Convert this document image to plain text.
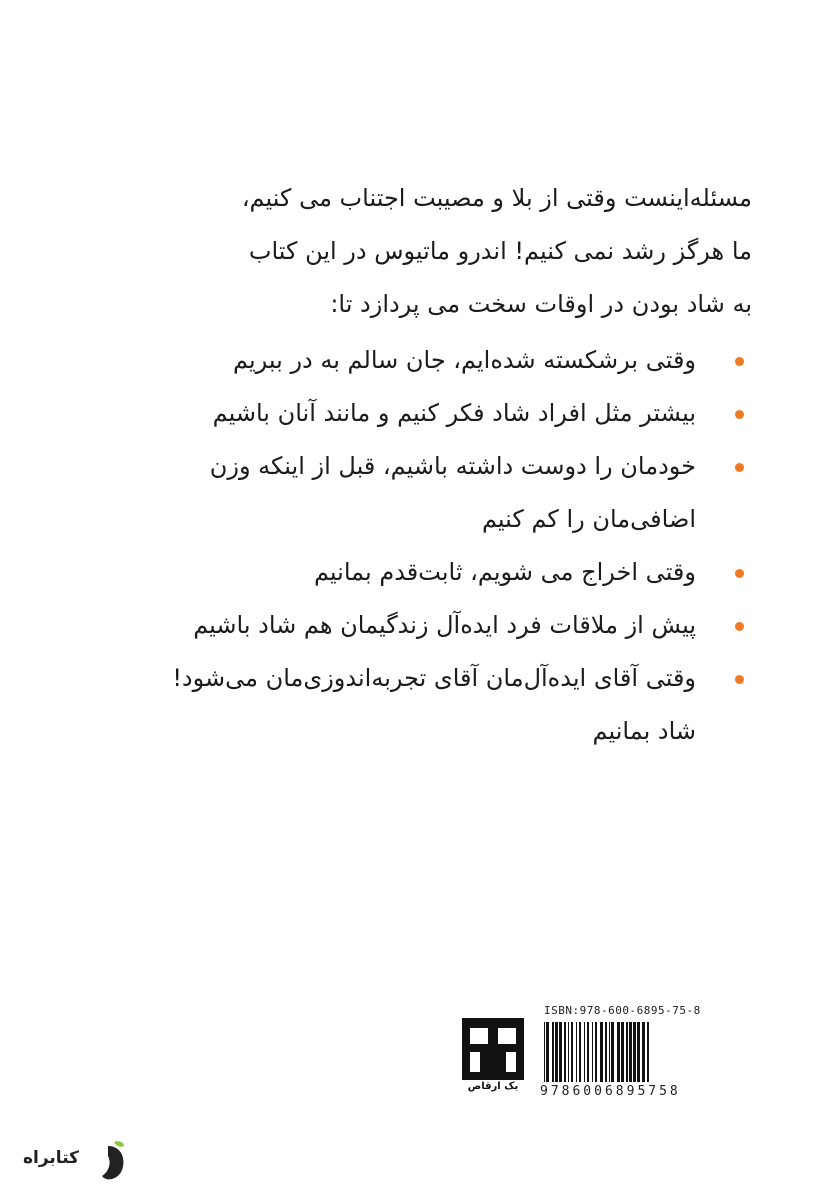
مسئله‌اینست وقتی از بلا و مصیبت اجتناب می کنیم،
ما هرگز رشد نمی کنیم! اندرو ماتیوس در این کتاب
به شاد بودن در اوقات سخت می پردازد تا:
وقتی برشکسته شده‌ایم، جان سالم به در ببریم
بیشتر مثل افراد شاد فکر کنیم و مانند آنان باشیم
خودمان را دوست داشته باشیم، قبل از اینکه وزن اضافی‌مان را کم کنیم
وقتی اخراج می شویم، ثابت‌قدم بمانیم
پیش از ملاقات فرد ایده‌آل زندگیمان هم شاد باشیم
وقتی آقای ایده‌آل‌مان آقای تجربه‌اندوزی‌مان می‌شود! شاد بمانیم
یک ارقاص
ISBN:978-600-6895-75-8
9786006895758
کتابراه
